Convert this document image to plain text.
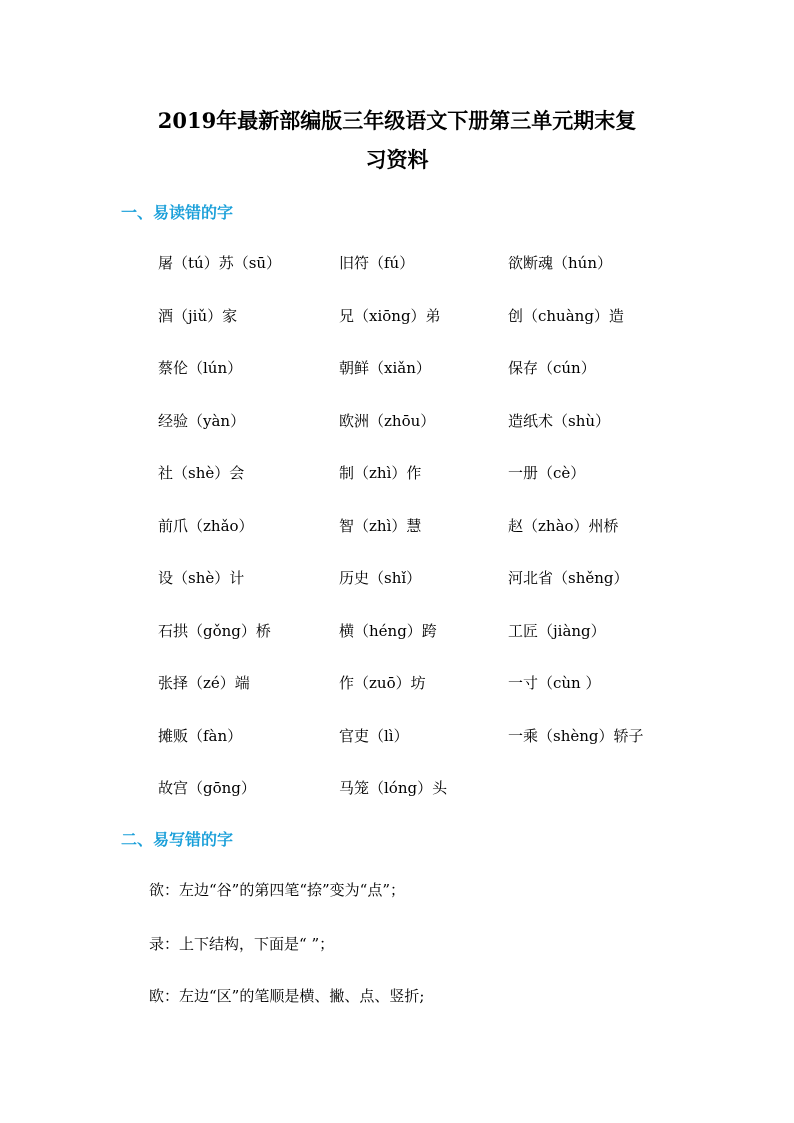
2019年最新部编版三年级语文下册第三单元期末复
习资料
一、易读错的字
屠（tú）苏（sū）	旧符（fú）	欲断魂（hún）
酒（jiǔ）家	兄（xiōng）弟	创（chuàng）造
蔡伦（lún）	朝鲜（xiǎn）	保存（cún）
经验（yàn）	欧洲（zhōu）	造纸术（shù）
社（shè）会	制（zhì）作	一册（cè）
前爪（zhǎo）	智（zhì）慧	赵（zhào）州桥
设（shè）计	历史（shǐ）	河北省（shěng）
石拱（gǒng）桥	横（héng）跨	工匠（jiàng）
张择（zé）端	作（zuō）坊	一寸（cùn ）
摊贩（fàn）	官吏（lì）	一乘（shèng）轿子
故宫（gōng）	马笼（lóng）头
二、易写错的字

欲：左边“谷”的第四笔“捺”变为“点”；

录：上下结构，下面是“ ”；

欧：左边“区”的笔顺是横、撇、点、竖折;
